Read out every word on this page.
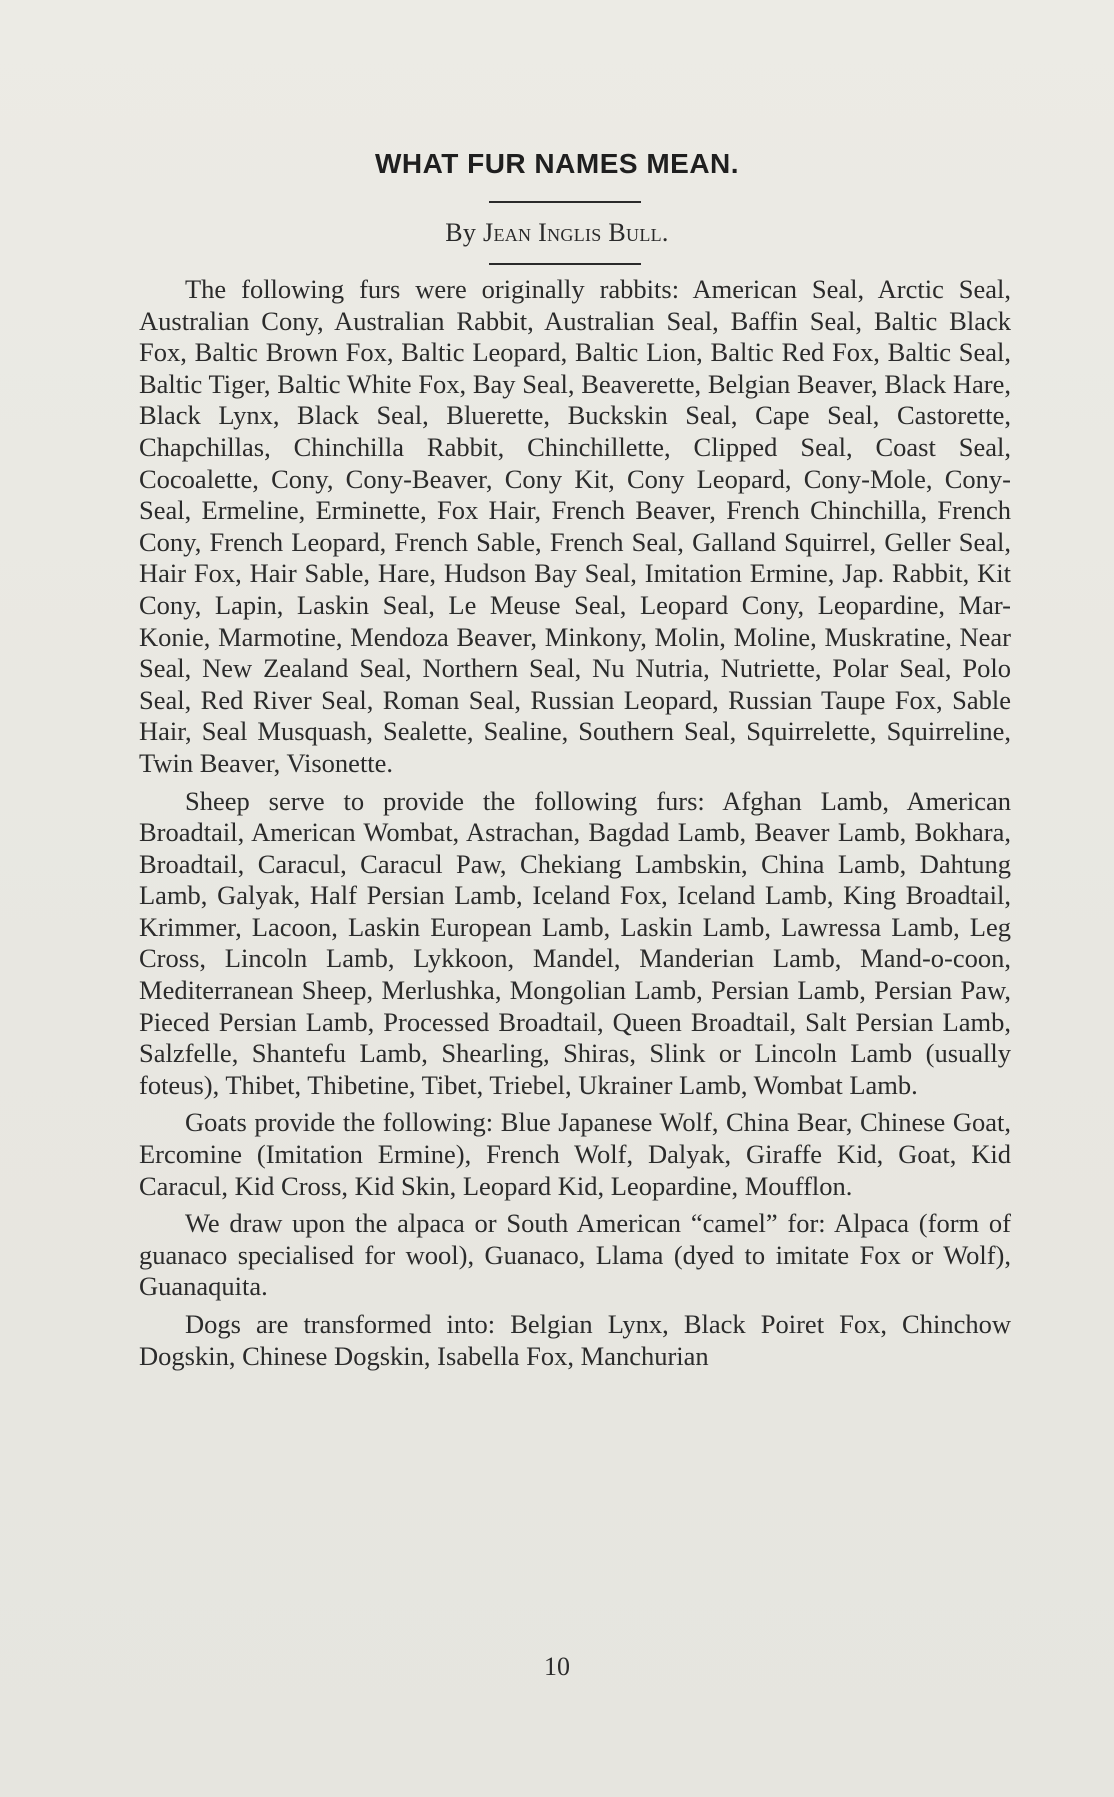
WHAT FUR NAMES MEAN.
By Jean Inglis Bull.

The following furs were originally rabbits: American Seal, Arctic Seal, Australian Cony, Australian Rabbit, Australian Seal, Baffin Seal, Baltic Black Fox, Baltic Brown Fox, Baltic Leopard, Baltic Lion, Baltic Red Fox, Baltic Seal, Baltic Tiger, Baltic White Fox, Bay Seal, Beaverette, Belgian Beaver, Black Hare, Black Lynx, Black Seal, Bluerette, Buckskin Seal, Cape Seal, Castorette, Chapchillas, Chinchilla Rabbit, Chinchillette, Clipped Seal, Coast Seal, Cocoalette, Cony, Cony-Beaver, Cony Kit, Cony Leopard, Cony-Mole, Cony-Seal, Ermeline, Erminette, Fox Hair, French Beaver, French Chinchilla, French Cony, French Leopard, French Sable, French Seal, Galland Squirrel, Geller Seal, Hair Fox, Hair Sable, Hare, Hudson Bay Seal, Imitation Ermine, Jap. Rabbit, Kit Cony, Lapin, Laskin Seal, Le Meuse Seal, Leopard Cony, Leopardine, Mar-Konie, Marmotine, Mendoza Beaver, Minkony, Molin, Moline, Muskratine, Near Seal, New Zealand Seal, Northern Seal, Nu Nutria, Nutriette, Polar Seal, Polo Seal, Red River Seal, Roman Seal, Russian Leopard, Russian Taupe Fox, Sable Hair, Seal Musquash, Sealette, Sealine, Southern Seal, Squirrelette, Squirreline, Twin Beaver, Visonette.

Sheep serve to provide the following furs: Afghan Lamb, American Broadtail, American Wombat, Astrachan, Bagdad Lamb, Beaver Lamb, Bokhara, Broadtail, Caracul, Caracul Paw, Chekiang Lambskin, China Lamb, Dahtung Lamb, Galyak, Half Persian Lamb, Iceland Fox, Iceland Lamb, King Broadtail, Krimmer, Lacoon, Laskin European Lamb, Laskin Lamb, Lawressa Lamb, Leg Cross, Lincoln Lamb, Lykkoon, Mandel, Manderian Lamb, Mand-o-coon, Mediterranean Sheep, Merlushka, Mongolian Lamb, Persian Lamb, Persian Paw, Pieced Persian Lamb, Processed Broadtail, Queen Broadtail, Salt Persian Lamb, Salzfelle, Shantefu Lamb, Shearling, Shiras, Slink or Lincoln Lamb (usually foteus), Thibet, Thibetine, Tibet, Triebel, Ukrainer Lamb, Wombat Lamb.

Goats provide the following: Blue Japanese Wolf, China Bear, Chinese Goat, Ercomine (Imitation Ermine), French Wolf, Dalyak, Giraffe Kid, Goat, Kid Caracul, Kid Cross, Kid Skin, Leopard Kid, Leopardine, Moufflon.

We draw upon the alpaca or South American “camel” for: Alpaca (form of guanaco specialised for wool), Guanaco, Llama (dyed to imitate Fox or Wolf), Guanaquita.

Dogs are transformed into: Belgian Lynx, Black Poiret Fox, Chinchow Dogskin, Chinese Dogskin, Isabella Fox, Manchurian

10
